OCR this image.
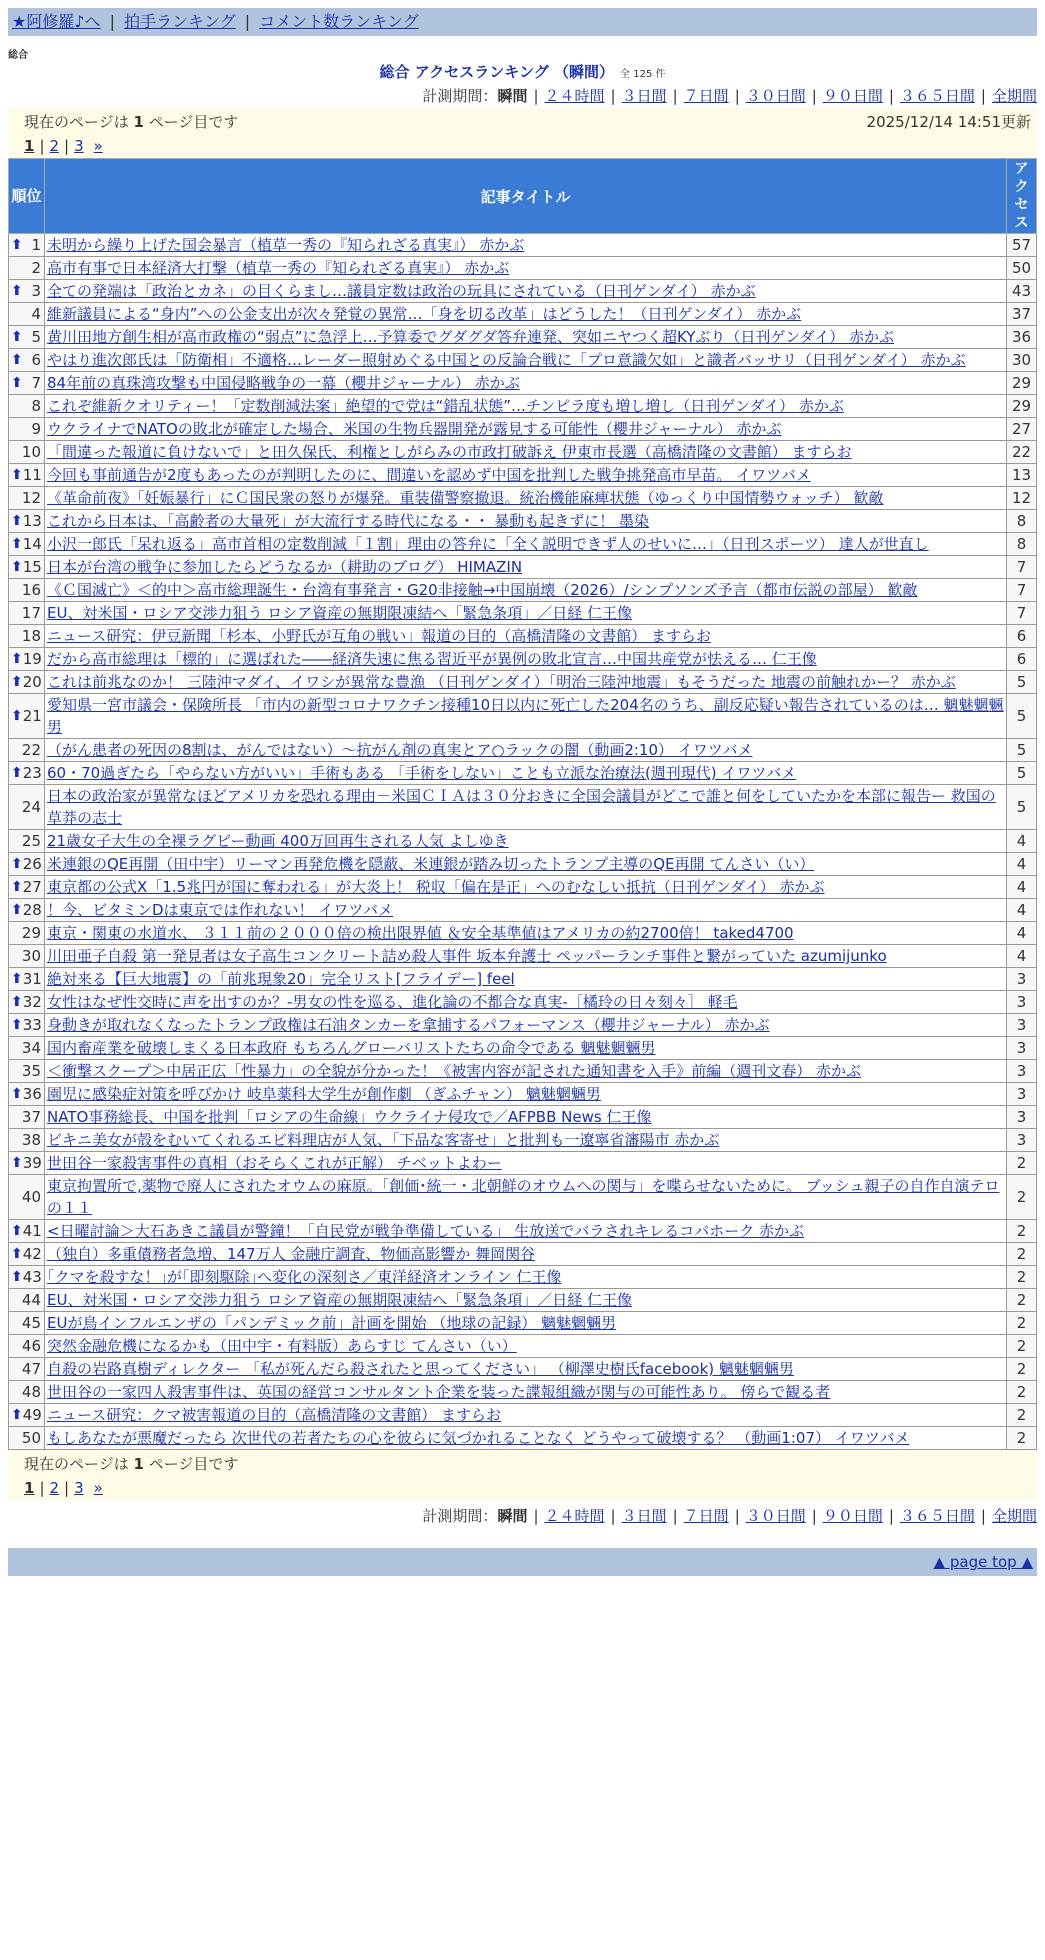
★阿修羅♪へ | 拍手ランキング | コメント数ランキング
総合
総合 アクセスランキング （瞬間） 全 125 件
計測期間：瞬間 | ２４時間 | ３日間 | ７日間 | ３０日間 | ９０日間 | ３６５日間 | 全期間
現在のページは 1 ページ目です	2025/12/14 14:51更新
1 | 2 | 3 »
順位	記事タイトル	アクセス

⬆ 1	未明から繰り上げた国会暴言（植草一秀の『知られざる真実』） 赤かぶ	57
2	高市有事で日本経済大打撃（植草一秀の『知られざる真実』） 赤かぶ	50

⬆ 3	全ての発端は「政治とカネ」の目くらまし…議員定数は政治の玩具にされている（日刊ゲンダイ） 赤かぶ	43
4	維新議員による“身内”への公金支出が次々発覚の異常…「身を切る改革」はどうした！（日刊ゲンダイ） 赤かぶ	37

⬆ 5	黄川田地方創生相が高市政権の“弱点”に急浮上…予算委でグダグダ答弁連発、突如ニヤつく超KYぶり（日刊ゲンダイ） 赤かぶ	36

⬆ 6	やはり進次郎氏は「防衛相」不適格…レーダー照射めぐる中国との反論合戦に「プロ意識欠如」と識者バッサリ（日刊ゲンダイ） 赤かぶ	30

⬆ 7	84年前の真珠湾攻撃も中国侵略戦争の一幕（櫻井ジャーナル） 赤かぶ	29
8	これぞ維新クオリティー！「定数削減法案」絶望的で党は“錯乱状態”…チンピラ度も増し増し（日刊ゲンダイ） 赤かぶ	29
9	ウクライナでNATOの敗北が確定した場合、米国の生物兵器開発が露見する可能性（櫻井ジャーナル） 赤かぶ	27
10	「間違った報道に負けないで」と田久保氏、利権としがらみの市政打破訴え 伊東市長選（高橋清隆の文書館） ますらお	22

⬆ 11	今回も事前通告が2度もあったのが判明したのに、間違いを認めず中国を批判した戦争挑発高市早苗。 イワツバメ	13
12	《革命前夜》「妊娠暴行」にＣ国民衆の怒りが爆発。重装備警察撤退。統治機能麻痺状態（ゆっくり中国情勢ウォッチ） 歓敵	12

⬆ 13	これから日本は、「高齢者の大量死」が大流行する時代になる・・ 暴動も起きずに！ 墨染	8

⬆ 14	小沢一郎氏「呆れ返る」高市首相の定数削減「１割」理由の答弁に「全く説明できず人のせいに…」（日刊スポーツ） 達人が世直し	8

⬆ 15	日本が台湾の戦争に参加したらどうなるか（耕助のブログ） HIMAZIN	7
16	《Ｃ国滅亡》＜的中＞高市総理誕生・台湾有事発言・G20非接触→中国崩壊（2026）/シンプソンズ予言（都市伝説の部屋） 歓敵	7
17	EU、対米国・ロシア交渉力狙う ロシア資産の無期限凍結へ「緊急条項」／日経 仁王像	7
18	ニュース研究：伊豆新聞「杉本、小野氏が互角の戦い」報道の目的（高橋清隆の文書館） ますらお	6

⬆ 19	だから高市総理は「標的」に選ばれた――経済失速に焦る習近平が異例の敗北宣言…中国共産党が怯える… 仁王像	6

⬆ 20	これは前兆なのか！ 三陸沖マダイ、イワシが異常な豊漁 （日刊ゲンダイ）「明治三陸沖地震」もそうだった 地震の前触れかー？ 赤かぶ	5

⬆ 21	愛知県一宮市議会・保険所長 「市内の新型コロナワクチン接種10日以内に死亡した204名のうち、副反応疑い報告されているのは… 魑魅魍魎男	5
22	（がん患者の死因の8割は、がんではない）～抗がん剤の真実とア○ラックの闇（動画2:10） イワツバメ	5

⬆ 23	60・70過ぎたら「やらない方がいい」手術もある 「手術をしない」ことも立派な治療法(週刊現代) イワツバメ	5
24	日本の政治家が異常なほどアメリカを恐れる理由－米国ＣＩＡは３０分おきに全国会議員がどこで誰と何をしていたかを本部に報告ー 救国の草莽の志士	5
25	21歳女子大生の全裸ラグビー動画 400万回再生される人気 よしゆき	4

⬆ 26	米連銀のQE再開（田中宇）リーマン再発危機を隠蔽、米連銀が踏み切ったトランプ主導のQE再開 てんさい（い）	4

⬆ 27	東京都の公式X「1.5兆円が国に奪われる」が大炎上！ 税収「偏在是正」へのむなしい抵抗（日刊ゲンダイ） 赤かぶ	4

⬆ 28	！今、ビタミンDは東京では作れない！ イワツバメ	4
29	東京・関東の水道水、 ３１１前の２０００倍の検出限界値 ＆安全基準値はアメリカの約2700倍！ taked4700	4
30	川田亜子自殺 第一発見者は女子高生コンクリート詰め殺人事件 坂本弁護士 ペッパーランチ事件と繋がっていた azumijunko	4

⬆ 31	絶対来る【巨大地震】の「前兆現象20」完全リスト[フライデー] feel	3

⬆ 32	女性はなぜ性交時に声を出すのか？-男女の性を巡る、進化論の不都合な真実-［橘玲の日々刻々］ 軽毛	3

⬆ 33	身動きが取れなくなったトランプ政権は石油タンカーを拿捕するパフォーマンス（櫻井ジャーナル） 赤かぶ	3
34	国内畜産業を破壊しまくる日本政府 もちろんグローバリストたちの命令である 魑魅魍魎男	3
35	＜衝撃スクープ＞中居正広「性暴力」の全貌が分かった！《被害内容が記された通知書を入手》前編（週刊文春） 赤かぶ	3

⬆ 36	園児に感染症対策を呼びかけ 岐阜薬科大学生が創作劇 （ぎふチャン） 魑魅魍魎男	3
37	NATO事務総長、中国を批判「ロシアの生命線」ウクライナ侵攻で／AFPBB News 仁王像	3
38	ビキニ美女が殻をむいてくれるエビ料理店が人気、「下品な客寄せ」と批判も一遼寧省瀋陽市 赤かぶ	3

⬆ 39	世田谷一家殺害事件の真相（おそらくこれが正解） チベットよわー	2
40	東京拘置所で,薬物で廃人にされたオウムの麻原。「創価･統一・北朝鮮のオウムへの関与」を喋らせないために。 ブッシュ親子の自作自演テロの１１	2

⬆ 41	<日曜討論＞大石あきこ議員が警鐘！「自民党が戦争準備している」 生放送でバラされキレるコバホーク 赤かぶ	2

⬆ 42	（独自）多重債務者急増、147万人 金融庁調査、物価高影響か 舞岡関谷	2

⬆ 43	｢クマを殺すな！｣が｢即刻駆除｣へ変化の深刻さ／東洋経済オンライン 仁王像	2
44	EU、対米国・ロシア交渉力狙う ロシア資産の無期限凍結へ「緊急条項」／日経 仁王像	2
45	EUが鳥インフルエンザの「パンデミック前」計画を開始 （地球の記録） 魑魅魍魎男	2
46	突然金融危機になるかも（田中宇・有料版）あらすじ てんさい（い）	2
47	自殺の岩路真樹ディレクター 「私が死んだら殺されたと思ってください」 （柳澤史樹氏facebook) 魑魅魍魎男	2
48	世田谷の一家四人殺害事件は、英国の経営コンサルタント企業を装った諜報組織が関与の可能性あり。 傍らで観る者	2

⬆ 49	ニュース研究：クマ被害報道の目的（高橋清隆の文書館） ますらお	2
50	もしあなたが悪魔だったら 次世代の若者たちの心を彼らに気づかれることなく どうやって破壊する？ （動画1:07） イワツバメ	2
現在のページは 1 ページ目です
1 | 2 | 3 »
計測期間：瞬間 | ２４時間 | ３日間 | ７日間 | ３０日間 | ９０日間 | ３６５日間 | 全期間
▲ page top ▲
